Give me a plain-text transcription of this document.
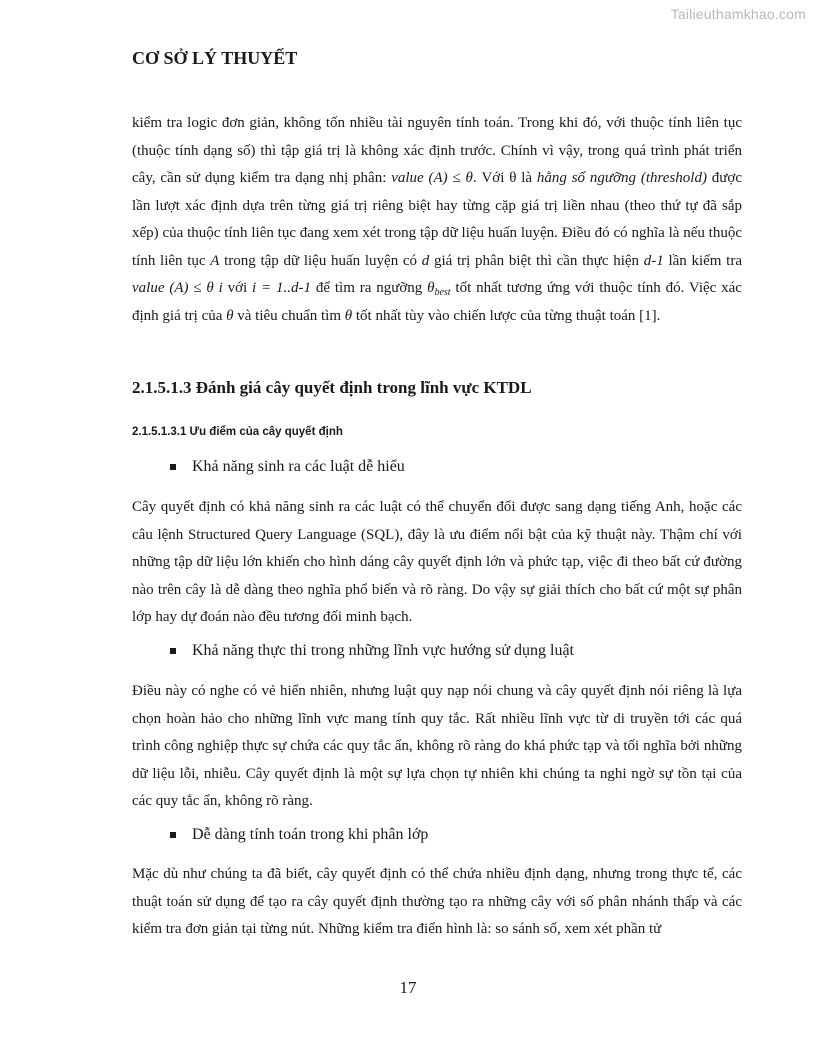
Tailieuthamkhao.com
CƠ SỞ LÝ THUYẾT

kiểm tra logic đơn giản, không tốn nhiều tài nguyên tính toán. Trong khi đó, với thuộc tính liên tục (thuộc tính dạng số) thì tập giá trị là không xác định trước. Chính vì vậy, trong quá trình phát triển cây, cần sử dụng kiểm tra dạng nhị phân: value (A) ≤ θ. Với θ là hằng số ngưỡng (threshold) được lần lượt xác định dựa trên từng giá trị riêng biệt hay từng cặp giá trị liền nhau (theo thứ tự đã sắp xếp) của thuộc tính liên tục đang xem xét trong tập dữ liệu huấn luyện. Điều đó có nghĩa là nếu thuộc tính liên tục A trong tập dữ liệu huấn luyện có d giá trị phân biệt thì cần thực hiện d-1 lần kiểm tra value (A) ≤ θ i với i = 1..d-1 để tìm ra ngưỡng $\theta_{best}$ tốt nhất tương ứng với thuộc tính đó. Việc xác định giá trị của θ và tiêu chuẩn tìm θ tốt nhất tùy vào chiến lược của từng thuật toán [1].

2.1.5.1.3 Đánh giá cây quyết định trong lĩnh vực KTDL
2.1.5.1.3.1 Ưu điểm của cây quyết định
Khả năng sinh ra các luật dễ hiểu

Cây quyết định có khả năng sinh ra các luật có thể chuyển đổi được sang dạng tiếng Anh, hoặc các câu lệnh Structured Query Language (SQL), đây là ưu điểm nổi bật của kỹ thuật này. Thậm chí với những tập dữ liệu lớn khiến cho hình dáng cây quyết định lớn và phức tạp, việc đi theo bất cứ đường nào trên cây là dễ dàng theo nghĩa phổ biến và rõ ràng. Do vậy sự giải thích cho bất cứ một sự phân lớp hay dự đoán nào đều tương đối minh bạch.

Khả năng thực thi trong những lĩnh vực hướng sử dụng luật

Điều này có nghe có vẻ hiển nhiên, nhưng luật quy nạp nói chung và cây quyết định nói riêng là lựa chọn hoàn hảo cho những lĩnh vực mang tính quy tắc. Rất nhiều lĩnh vực từ di truyền tới các quá trình công nghiệp thực sự chứa các quy tắc ẩn, không rõ ràng do khá phức tạp và tối nghĩa bởi những dữ liệu lỗi, nhiễu. Cây quyết định là một sự lựa chọn tự nhiên khi chúng ta nghi ngờ sự tồn tại của các quy tắc ẩn, không rõ ràng.

Dễ dàng tính toán trong khi phân lớp

Mặc dù như chúng ta đã biết, cây quyết định có thể chứa nhiều định dạng, nhưng trong thực tế, các thuật toán sử dụng để tạo ra cây quyết định thường tạo ra những cây với số phân nhánh thấp và các kiểm tra đơn giản tại từng nút. Những kiểm tra điển hình là: so sánh số, xem xét phần tử

17
